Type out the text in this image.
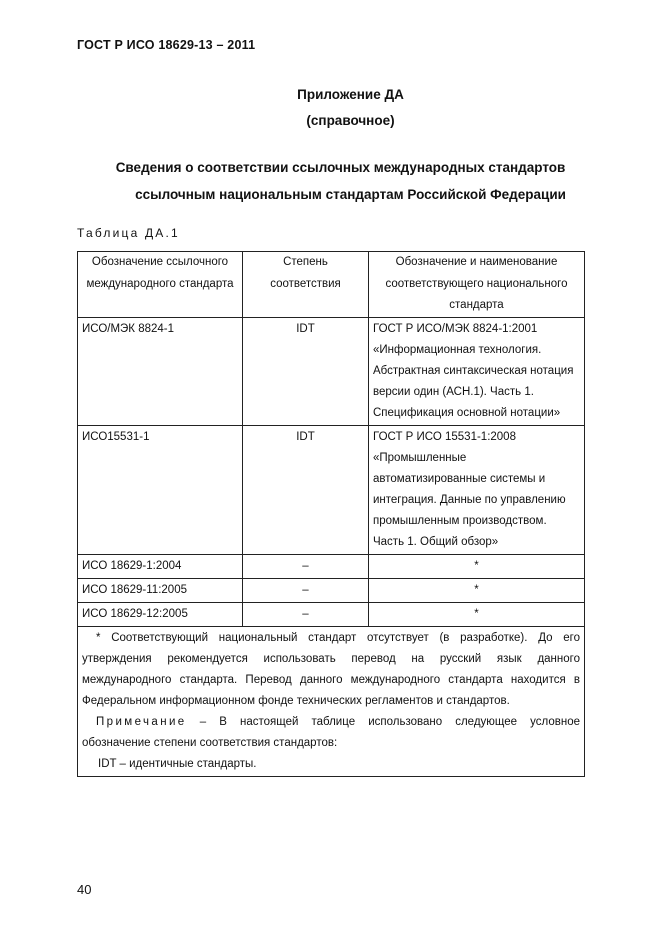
ГОСТ Р ИСО 18629-13 – 2011
Приложение ДА
(справочное)
Сведения о соответствии ссылочных международных стандартов
ссылочным национальным стандартам Российской Федерации
Таблица ДА.1
Обозначение ссылочного международного стандарта	Степень соответствия	Обозначение и наименование соответствующего национального стандарта
ИСО/МЭК 8824-1	IDT	ГОСТ Р ИСО/МЭК 8824-1:2001 «Информационная технология. Абстрактная синтаксическая нотация версии один (АСН.1). Часть 1. Спецификация основной нотации»
ИСО15531-1	IDT	ГОСТ Р ИСО 15531-1:2008 «Промышленные автоматизированные системы и интеграция. Данные по управлению промышленным производством. Часть 1. Общий обзор»
ИСО 18629-1:2004	–	*
ИСО 18629-11:2005	–	*
ИСО 18629-12:2005	–	*

* Соответствующий национальный стандарт отсутствует (в разработке). До его утверждения рекомендуется использовать перевод на русский язык данного международного стандарта. Перевод данного международного стандарта находится в Федеральном информационном фонде технических регламентов и стандартов.
Примечание – В настоящей таблице использовано следующее условное обозначение степени соответствия стандартов:
IDT – идентичные стандарты.		
40
